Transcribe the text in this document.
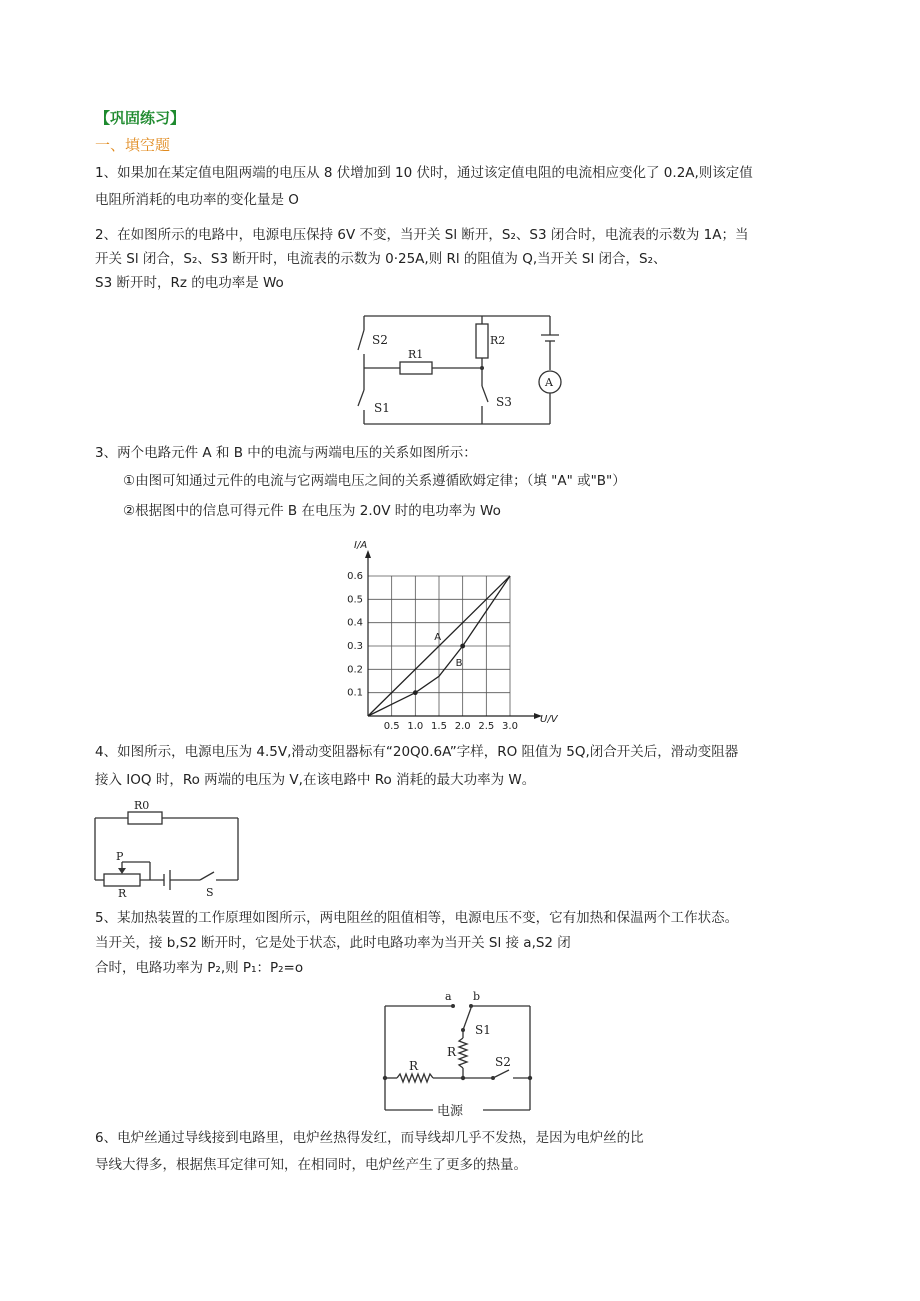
【巩固练习】
一、填空题
1、如果加在某定值电阻两端的电压从 8 伏增加到 10 伏时，通过该定值电阻的电流相应变化了 0.2A,则该定值
电阻所消耗的电功率的变化量是 O
2、在如图所示的电路中，电源电压保持 6V 不变，当开关 Sl 断开，S₂、S3 闭合时，电流表的示数为 1A；当
开关 Sl 闭合，S₂、S3 断开时，电流表的示数为 0·25A,则 Rl 的阻值为 Q,当开关 Sl 闭合，S₂、
S3 断开时，Rz 的电功率是 Wo
S2
R1
R2
S1	S3
A
3、两个电路元件 A 和 B 中的电流与两端电压的关系如图所示：
①由图可知通过元件的电流与它两端电压之间的关系遵循欧姆定律；（填 "A" 或"B"）
②根据图中的信息可得元件 B 在电压为 2.0V 时的电功率为 Wo
0.5 1.0 1.5 2.0 2.5 3.0
0.1
0.2
0.3
0.4
0.5
0.6
U/V
I/A
A
B
4、如图所示，电源电压为 4.5V,滑动变阻器标有“20Q0.6A”字样，RO 阻值为 5Q,闭合开关后，滑动变阻器
接入 IOQ 时，Ro 两端的电压为 V,在该电路中 Ro 消耗的最大功率为 W。
R0
P
R	S
5、某加热装置的工作原理如图所示，两电阻丝的阻值相等，电源电压不变，它有加热和保温两个工作状态。
当开关，接 b,S2 断开时，它是处于状态，此时电路功率为当开关 Sl 接 a,S2 闭
合时，电路功率为 P₂,则 P₁：P₂=o
a b
S1
R
R	S2
电源
6、电炉丝通过导线接到电路里，电炉丝热得发红，而导线却几乎不发热，是因为电炉丝的比
导线大得多，根据焦耳定律可知，在相同时，电炉丝产生了更多的热量。
